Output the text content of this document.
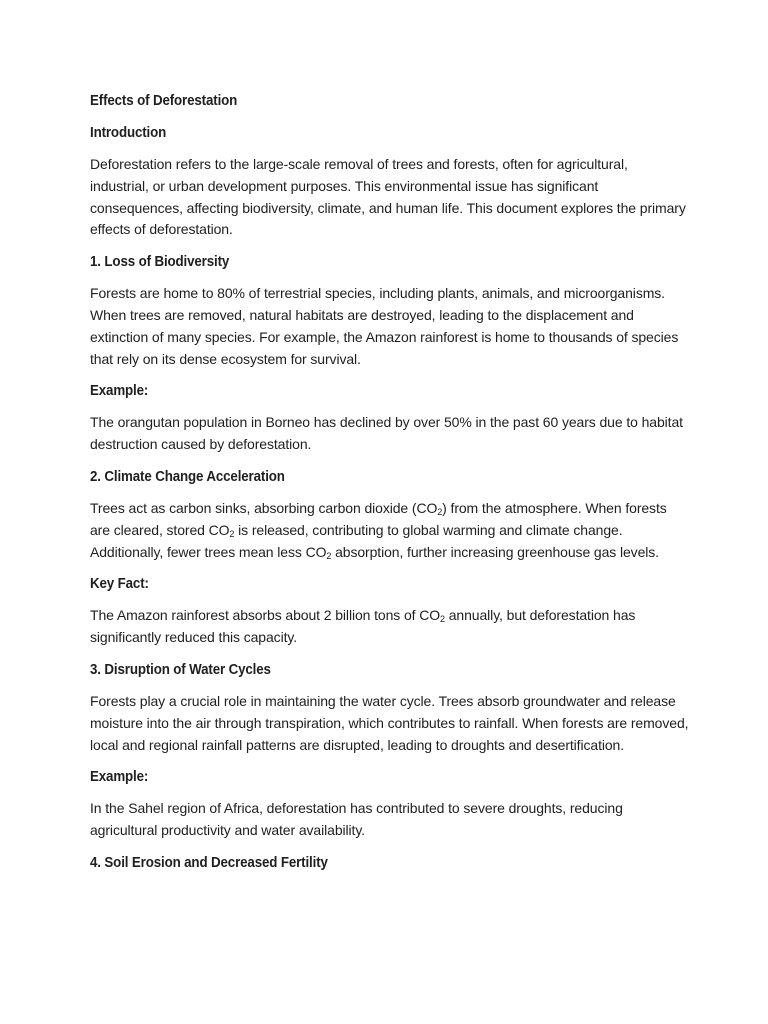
Effects of Deforestation
Introduction
Deforestation refers to the large-scale removal of trees and forests, often for agricultural, industrial, or urban development purposes. This environmental issue has significant consequences, affecting biodiversity, climate, and human life. This document explores the primary effects of deforestation.
1. Loss of Biodiversity
Forests are home to 80% of terrestrial species, including plants, animals, and microorganisms. When trees are removed, natural habitats are destroyed, leading to the displacement and extinction of many species. For example, the Amazon rainforest is home to thousands of species that rely on its dense ecosystem for survival.
Example:
The orangutan population in Borneo has declined by over 50% in the past 60 years due to habitat destruction caused by deforestation.
2. Climate Change Acceleration
Trees act as carbon sinks, absorbing carbon dioxide $(CO_2)$ from the atmosphere. When forests are cleared, stored $CO_2$ is released, contributing to global warming and climate change. Additionally, fewer trees mean less $CO_2$ absorption, further increasing greenhouse gas levels.
Key Fact:
The Amazon rainforest absorbs about 2 billion tons of $CO_2$ annually, but deforestation has significantly reduced this capacity.
3. Disruption of Water Cycles
Forests play a crucial role in maintaining the water cycle. Trees absorb groundwater and release moisture into the air through transpiration, which contributes to rainfall. When forests are removed, local and regional rainfall patterns are disrupted, leading to droughts and desertification.
Example:
In the Sahel region of Africa, deforestation has contributed to severe droughts, reducing agricultural productivity and water availability.
4. Soil Erosion and Decreased Fertility
